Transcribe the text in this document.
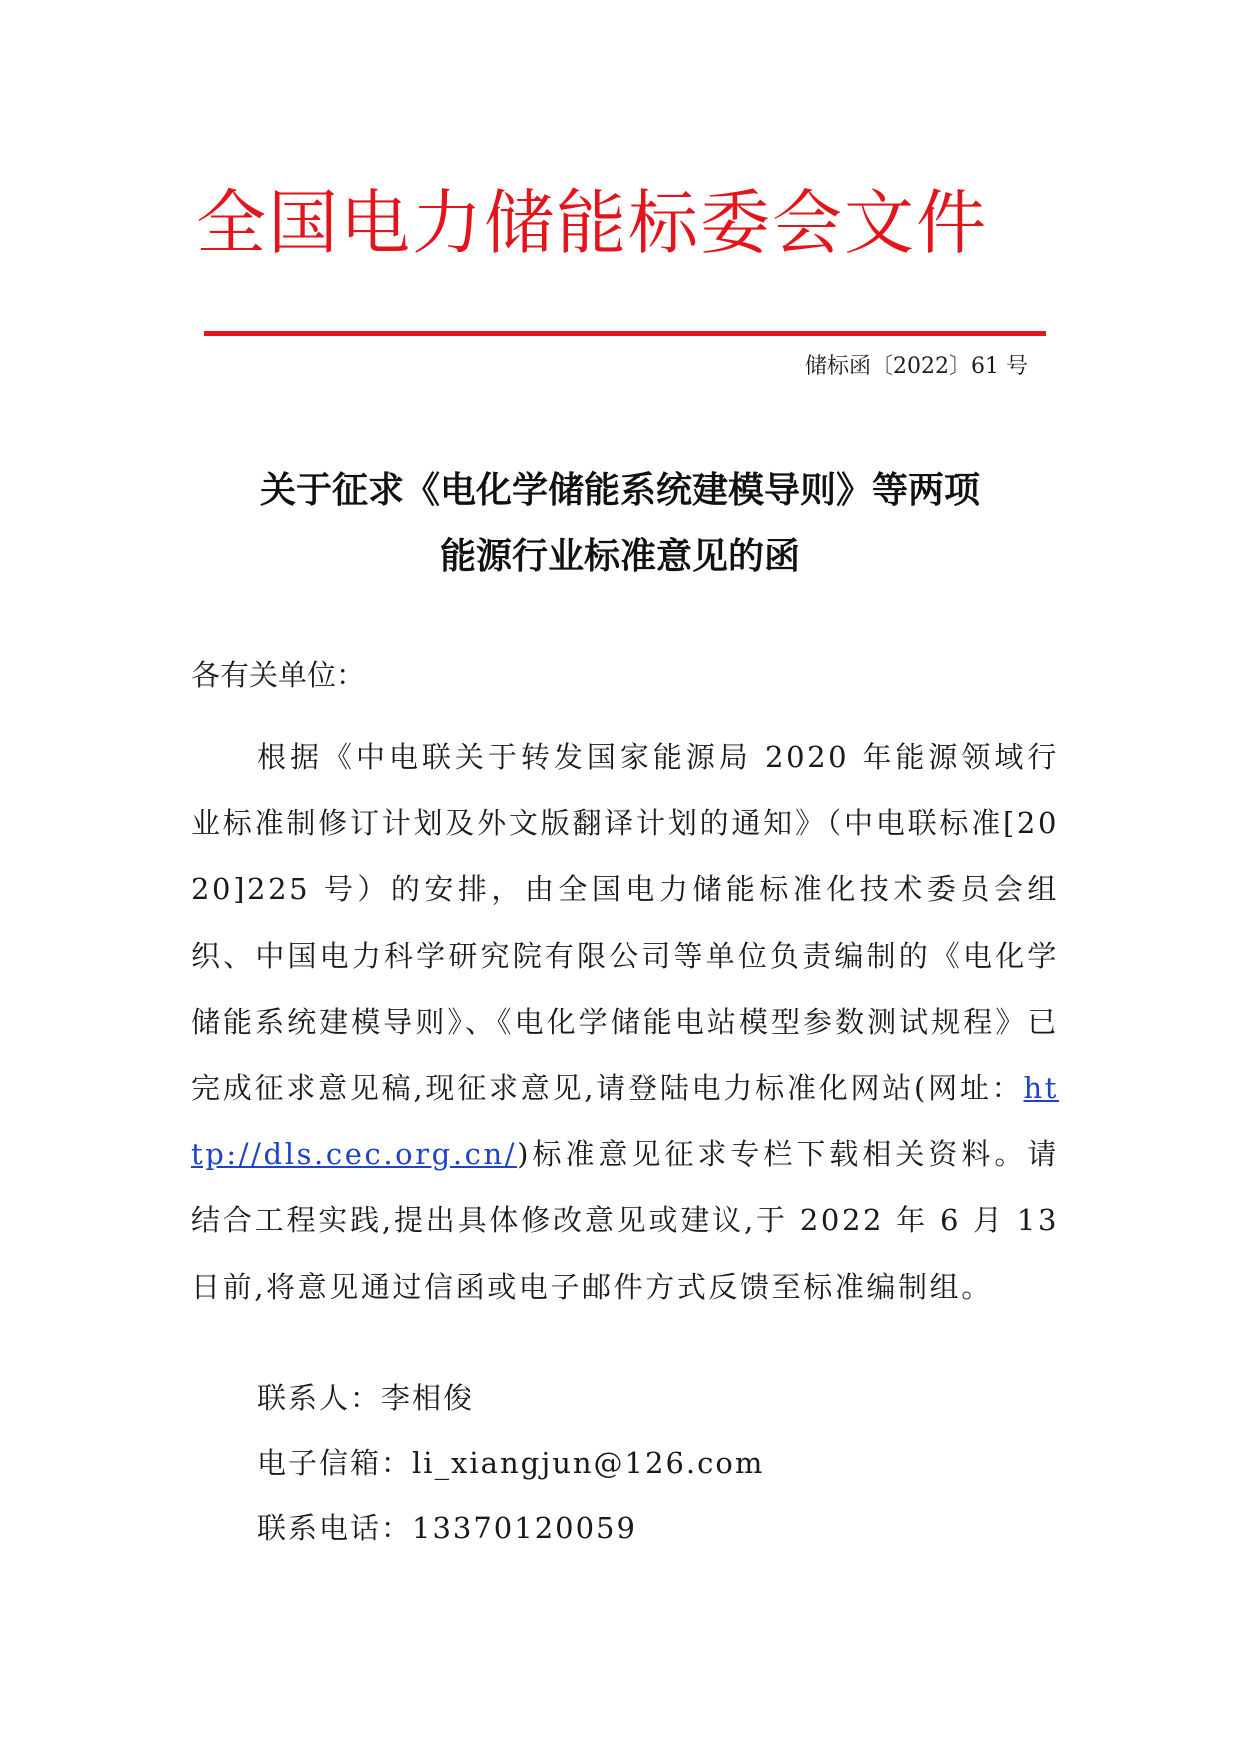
全国电力储能标委会文件
储标函〔2022〕61 号
关于征求《电化学储能系统建模导则》等两项
能源行业标准意见的函
各有关单位：
根据《中电联关于转发国家能源局 2020 年能源领域行业标准制修订计划及外文版翻译计划的通知》（中电联标准[2020]225 号）的安排，由全国电力储能标准化技术委员会组织、中国电力科学研究院有限公司等单位负责编制的《电化学储能系统建模导则》、《电化学储能电站模型参数测试规程》已完成征求意见稿,现征求意见,请登陆电力标准化网站(网址：http://dls.cec.org.cn/)标准意见征求专栏下载相关资料。请结合工程实践,提出具体修改意见或建议,于 2022 年 6 月 13 日前,将意见通过信函或电子邮件方式反馈至标准编制组。
联系人：李相俊
电子信箱：li_xiangjun@126.com
联系电话：13370120059
